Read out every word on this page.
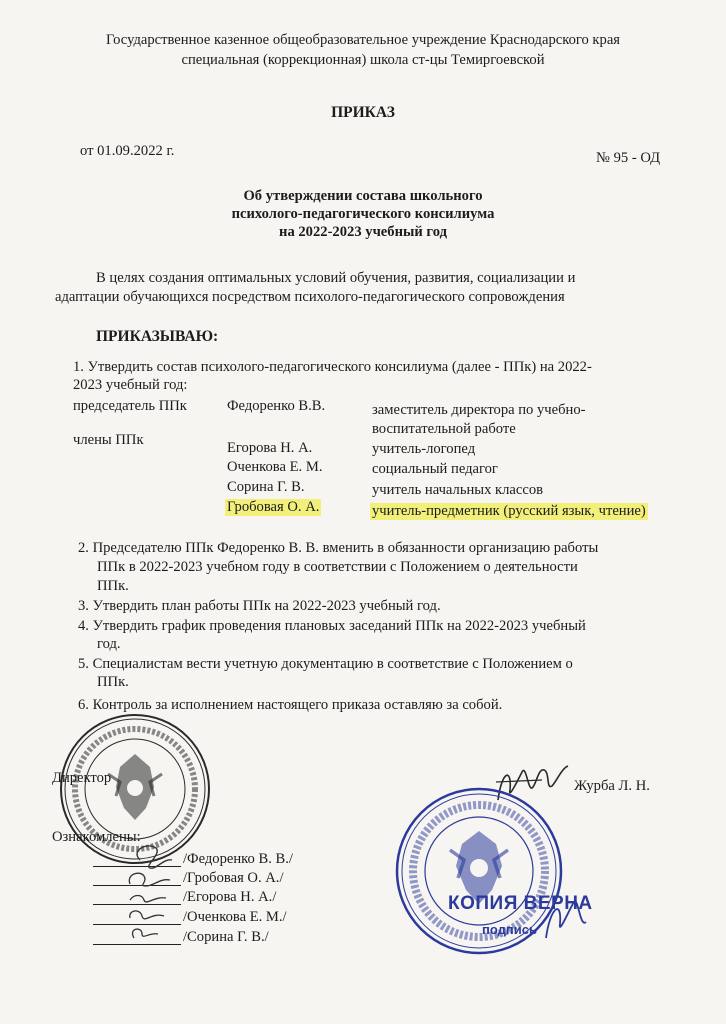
Государственное казенное общеобразовательное учреждение Краснодарского края
специальная (коррекционная) школа ст-цы Темиргоевской
ПРИКАЗ
от 01.09.2022 г.	№ 95 - ОД
Об утверждении состава школьного
психолого-педагогического консилиума
на 2022-2023 учебный год
В целях создания оптимальных условий обучения, развития, социализации и
адаптации обучающихся посредством психолого-педагогического сопровождения
ПРИКАЗЫВАЮ:
1. Утвердить состав психолого-педагогического консилиума (далее - ППк) на 2022-
2023 учебный год:
председатель ППк	Федоренко В.В.	заместитель директора по учебно-
воспитательной работе
члены ППк	Егорова Н. А.	учитель-логопед
Оченкова Е. М.	социальный педагог
Сорина Г. В.	учитель начальных классов
Гробовая О. А.	учитель-предметник (русский язык, чтение)
2. Председателю ППк Федоренко В. В. вменить в обязанности организацию работы
ППк в 2022-2023 учебном году в соответствии с Положением о деятельности
ППк.
3. Утвердить план работы ППк на 2022-2023 учебный год.
4. Утвердить график проведения плановых заседаний ППк на 2022-2023 учебный
год.
5. Специалистам вести учетную документацию в соответствие с Положением о
ППк.
6. Контроль за исполнением настоящего приказа оставляю за собой.
Директор	Журба Л. Н.
Ознакомлены:
/Федоренко В. В./
/Гробовая О. А./
/Егорова Н. А./
/Оченкова Е. М./
/Сорина Г. В./
КОПИЯ ВЕРНА
подпись
